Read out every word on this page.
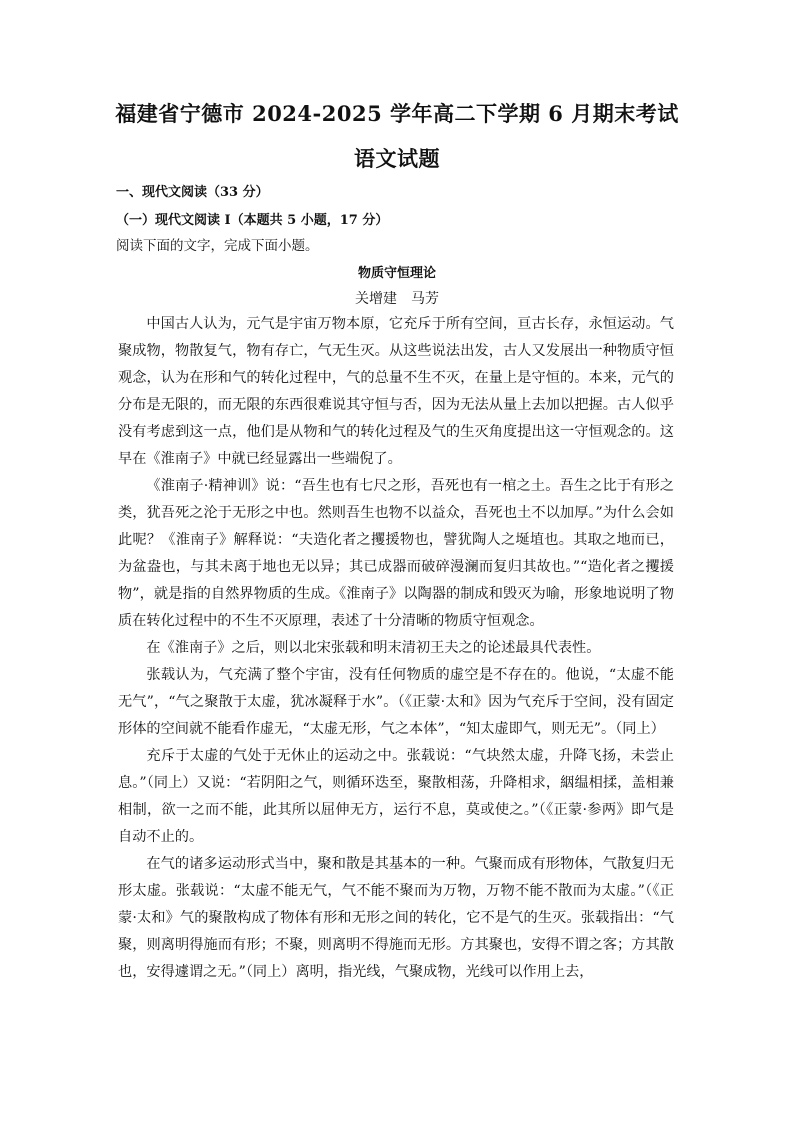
福建省宁德市 2024-2025 学年高二下学期 6 月期末考试
语文试题
一、现代文阅读（33 分）
（一）现代文阅读 I（本题共 5 小题，17 分）
阅读下面的文字，完成下面小题。
物质守恒理论
关增建　马芳

中国古人认为，元气是宇宙万物本原，它充斥于所有空间，亘古长存，永恒运动。气聚成物，物散复气，物有存亡，气无生灭。从这些说法出发，古人又发展出一种物质守恒观念，认为在形和气的转化过程中，气的总量不生不灭，在量上是守恒的。本来，元气的分布是无限的，而无限的东西很难说其守恒与否，因为无法从量上去加以把握。古人似乎没有考虑到这一点，他们是从物和气的转化过程及气的生灭角度提出这一守恒观念的。这早在《淮南子》中就已经显露出一些端倪了。

《淮南子·精神训》说：“吾生也有七尺之形，吾死也有一棺之土。吾生之比于有形之类，犹吾死之沦于无形之中也。然则吾生也物不以益众，吾死也土不以加厚。”为什么会如此呢？《淮南子》解释说：“夫造化者之攫援物也，譬犹陶人之埏埴也。其取之地而已，为盆盎也，与其未离于地也无以异；其已成器而破碎漫澜而复归其故也。”“造化者之攫援物”，就是指的自然界物质的生成。《淮南子》以陶器的制成和毁灭为喻，形象地说明了物质在转化过程中的不生不灭原理，表述了十分清晰的物质守恒观念。

在《淮南子》之后，则以北宋张载和明末清初王夫之的论述最具代表性。

张载认为，气充满了整个宇宙，没有任何物质的虚空是不存在的。他说，“太虚不能无气”，“气之聚散于太虚，犹冰凝释于水”。（《正蒙·太和》因为气充斥于空间，没有固定形体的空间就不能看作虚无，“太虚无形，气之本体”，“知太虚即气，则无无”。（同上）

充斥于太虚的气处于无休止的运动之中。张载说：“气块然太虚，升降飞扬，未尝止息。”（同上）又说：“若阴阳之气，则循环迭至，聚散相荡，升降相求，絪缊相揉，盖相兼相制，欲一之而不能，此其所以屈伸无方，运行不息，莫或使之。”（《正蒙·参两》即气是自动不止的。

在气的诸多运动形式当中，聚和散是其基本的一种。气聚而成有形物体，气散复归无形太虚。张载说：“太虚不能无气，气不能不聚而为万物，万物不能不散而为太虚。”（《正蒙·太和》气的聚散构成了物体有形和无形之间的转化，它不是气的生灭。张载指出：“气聚，则离明得施而有形；不聚，则离明不得施而无形。方其聚也，安得不谓之客；方其散也，安得遽谓之无。”（同上）离明，指光线，气聚成物，光线可以作用上去，
